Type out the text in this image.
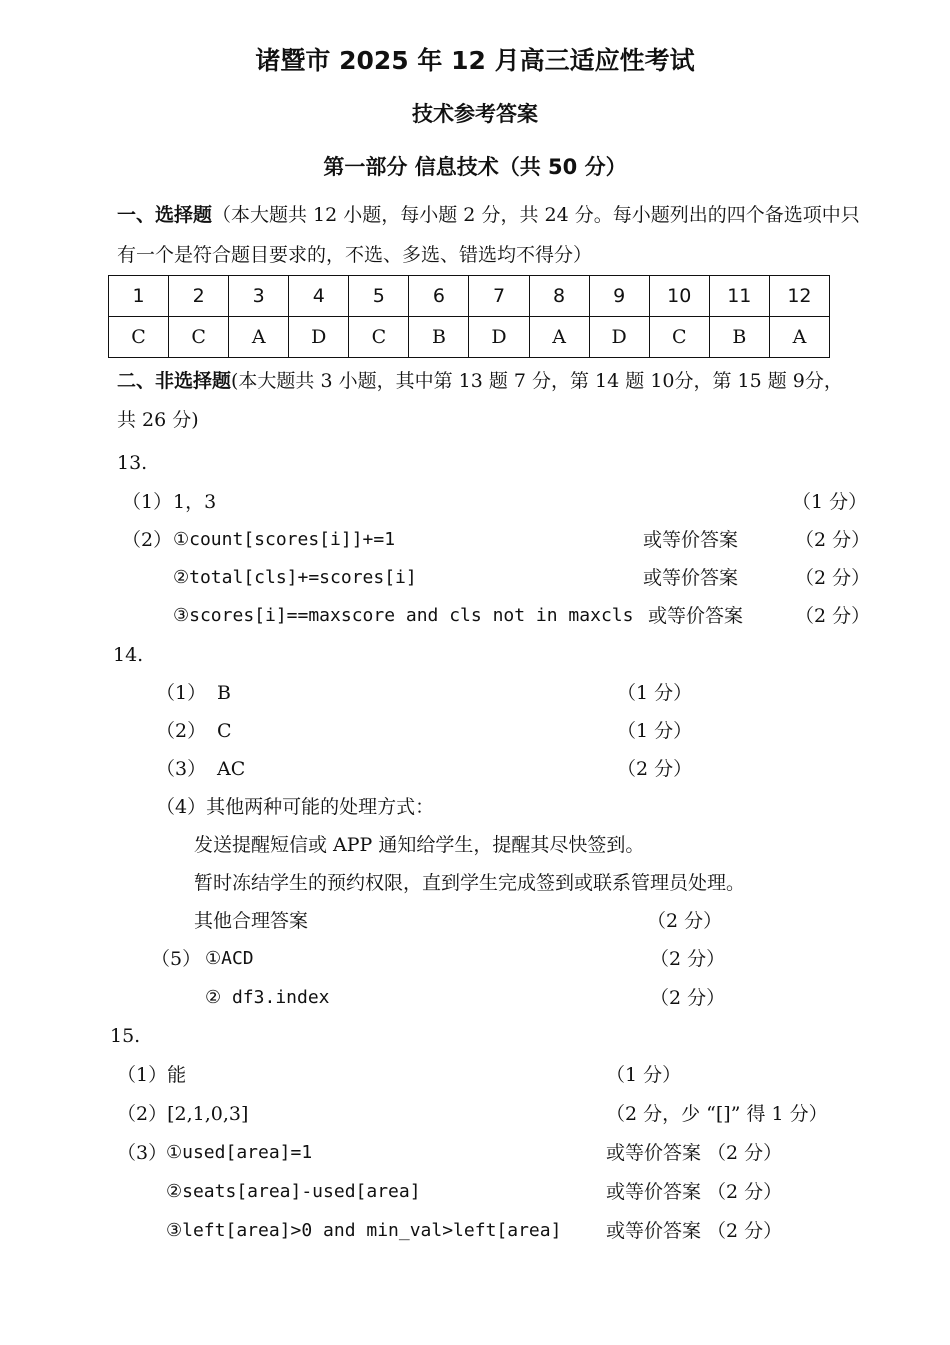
诸暨市 2025 年 12 月高三适应性考试
技术参考答案
第一部分 信息技术（共 50 分）
一、选择题（本大题共 12 小题，每小题 2 分，共 24 分。每小题列出的四个备选项中只
有一个是符合题目要求的，不选、多选、错选均不得分）
1	2	3	4	5	6	7	8	9	10	11	12
C	C	A	D	C	B	D	A	D	C	B	A
二、非选择题(本大题共 3 小题，其中第 13 题 7 分，第 14 题 10分，第 15 题 9分，
共 26 分)
13.
（1） 1，3	（1 分）
（2） ①count[scores[i]]+=1	或等价答案	（2 分）
②total[cls]+=scores[i]	或等价答案	（2 分）
③scores[i]==maxscore and cls not in maxcls 或等价答案	（2 分）
14.
（1） B	（1 分）
（2） C	（1 分）
（3） AC	（2 分）
（4）其他两种可能的处理方式：
发送提醒短信或 APP 通知给学生，提醒其尽快签到。
暂时冻结学生的预约权限，直到学生完成签到或联系管理员处理。
其他合理答案	（2 分）
（5） ①ACD	（2 分）
② df3.index	（2 分）
15.
（1）能	（1 分）
（2）[2,1,0,3]	（2 分，少 “[]” 得 1 分）
（3）
①used[area]=1	或等价答案 （2 分）
②seats[area]-used[area]	或等价答案 （2 分）
③left[area]>0 and min_val>left[area] 或等价答案 （2 分）
